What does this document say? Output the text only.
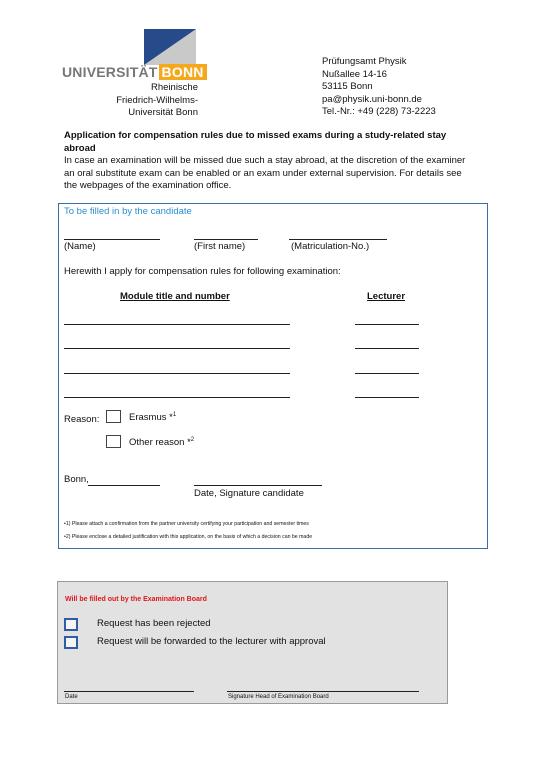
UNIVERSITÄT BONN
Rheinische
Friedrich-Wilhelms-
Universität Bonn
Prüfungsamt Physik
Nußallee 14-16
53115 Bonn
pa@physik.uni-bonn.de
Tel.-Nr.: +49 (228) 73-2223
Application for compensation rules due to missed exams during a study-related stay abroad
In case an examination will be missed due such a stay abroad, at the discretion of the examiner an oral substitute exam can be enabled or an exam under external supervision. For details see the webpages of the examination office.
To be filled in by the candidate
(Name)	(First name)	(Matriculation-No.)
Herewith I apply for compensation rules for following examination:
Module title and number	Lecturer
Reason:	Erasmus *$^1$
Other reason *$^2$
Bonn,
Date, Signature candidate
•1) Please attach a confirmation from the partner university certifying your participation and semester times
•2) Please enclose a detailed justification with this application, on the basis of which a decision can be made
Will be filled out by the Examination Board
Request has been rejected
Request will be forwarded to the lecturer with approval
Date	Signature Head of Examination Board
